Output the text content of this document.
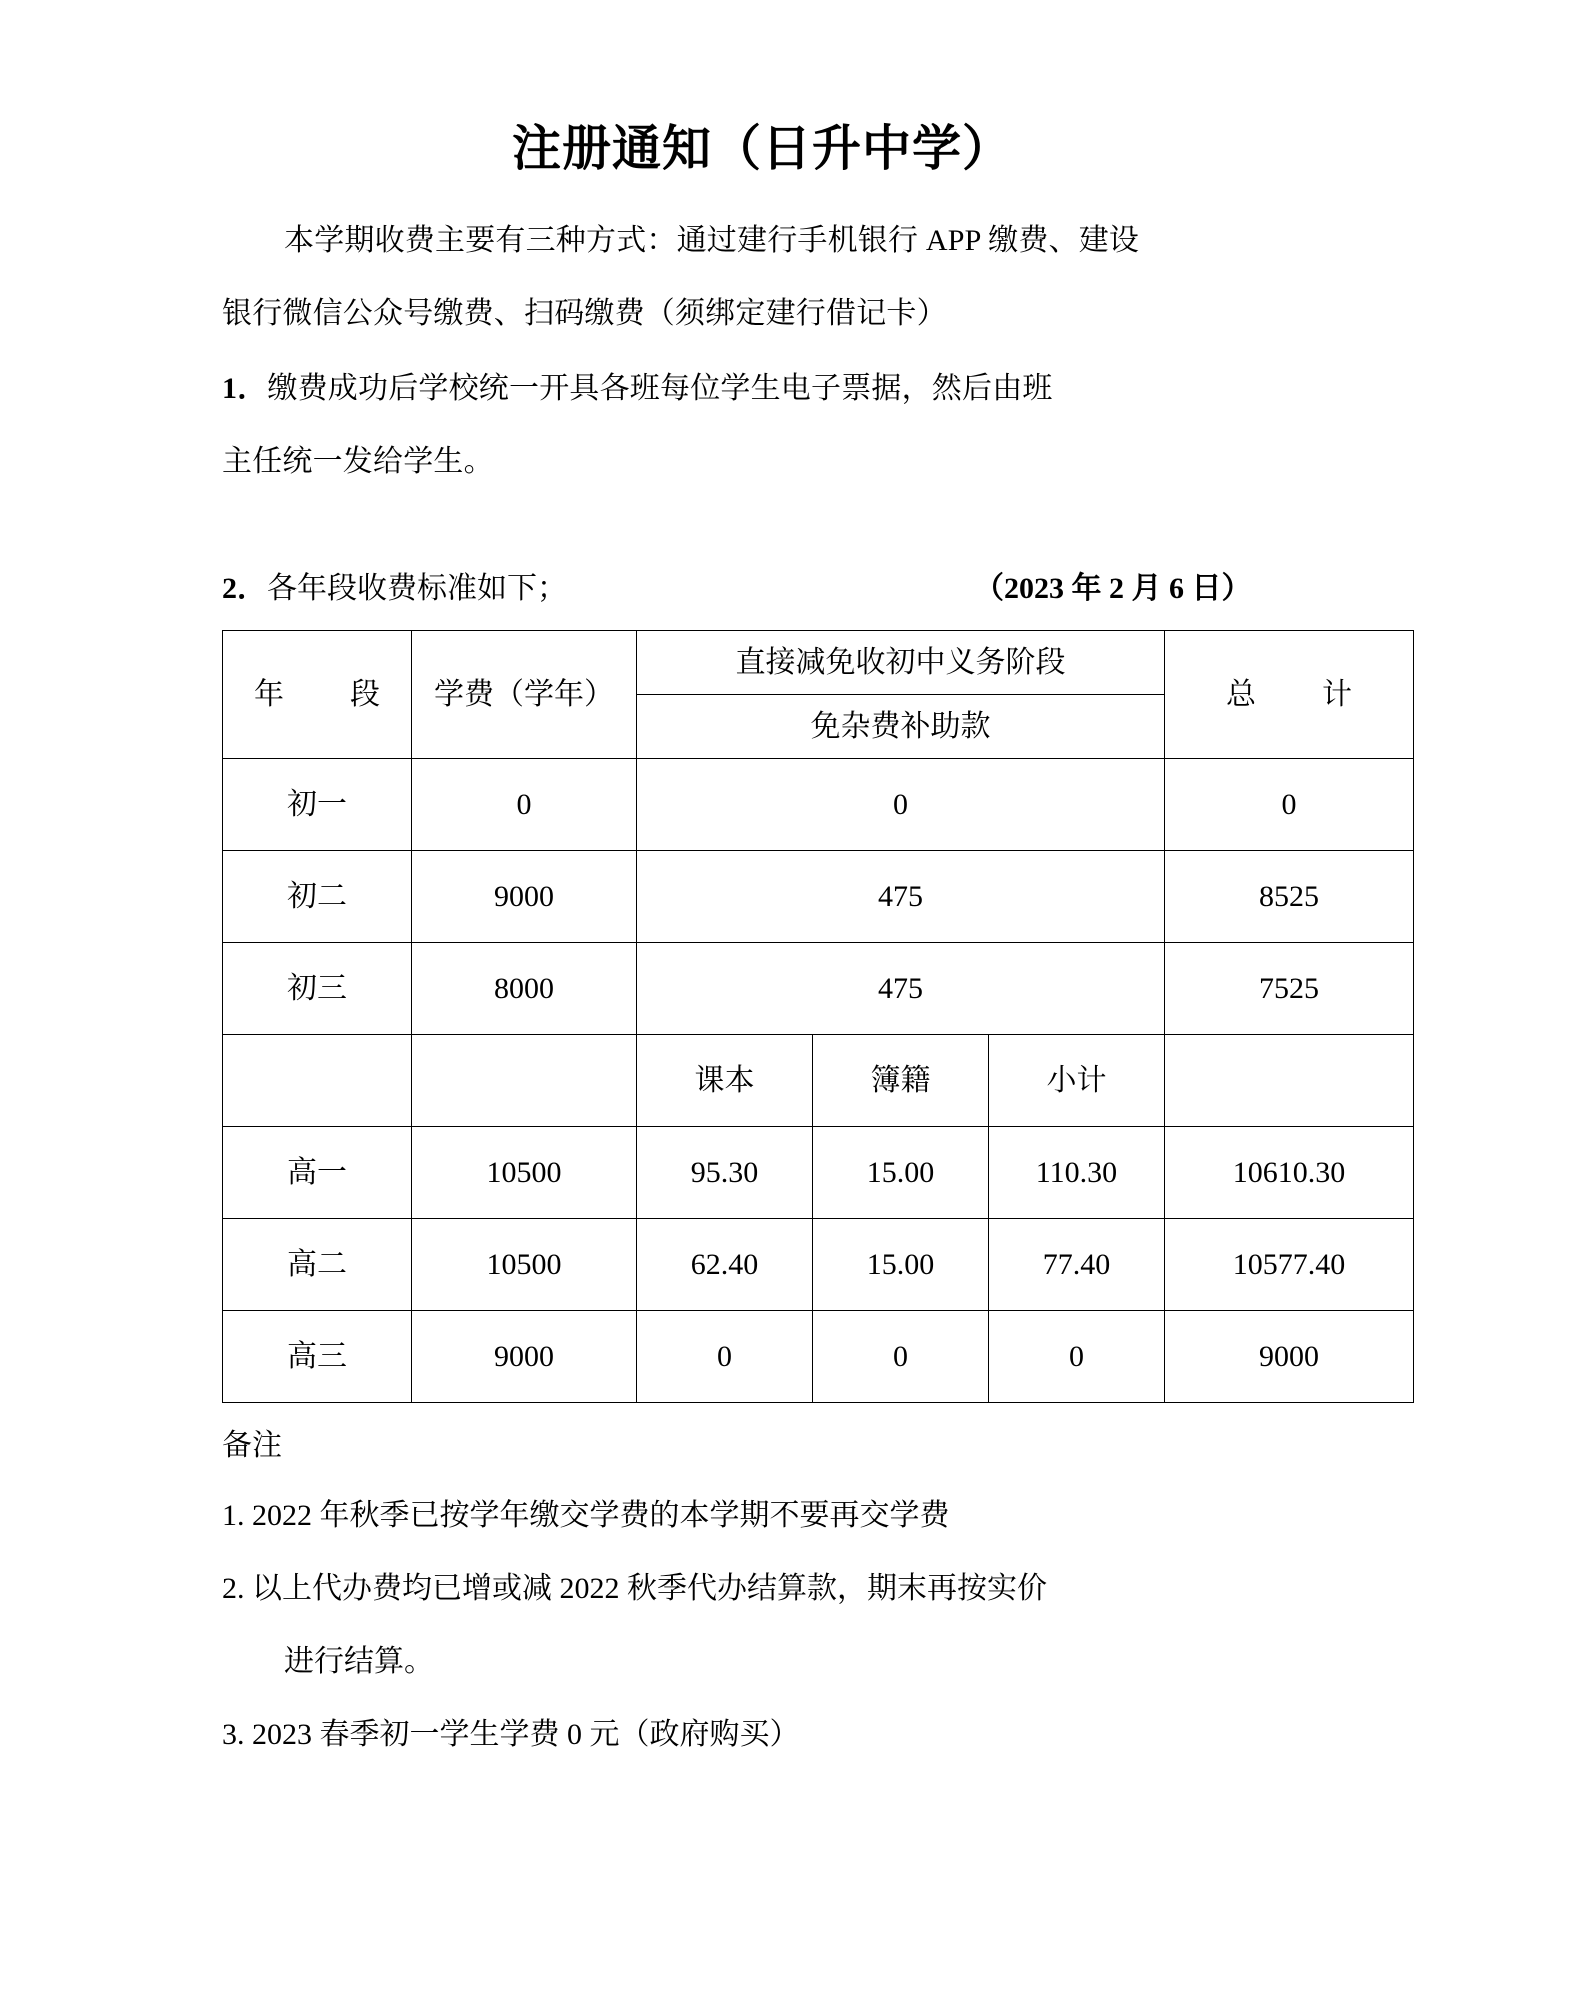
注册通知（日升中学）

本学期收费主要有三种方式：通过建行手机银行 APP 缴费、建设

银行微信公众号缴费、扫码缴费（须绑定建行借记卡）

1．缴费成功后学校统一开具各班每位学生电子票据，然后由班

主任统一发给学生。

2．各年段收费标准如下；	（2023 年 2 月 6 日）
年　段	学费（学年）	直接减免收初中义务阶段			总　计
		免杂费补助款			
初一	0	0			0
初二	9000	475			8525
初三	8000	475			7525
		课本	簿籍	小计	
高一	10500	95.30	15.00	110.30	10610.30
高二	10500	62.40	15.00	77.40	10577.40
高三	9000	0	0	0	9000

备注

1. 2022 年秋季已按学年缴交学费的本学期不要再交学费

2. 以上代办费均已增或减 2022 秋季代办结算款，期末再按实价

进行结算。

3. 2023 春季初一学生学费 0 元（政府购买）
